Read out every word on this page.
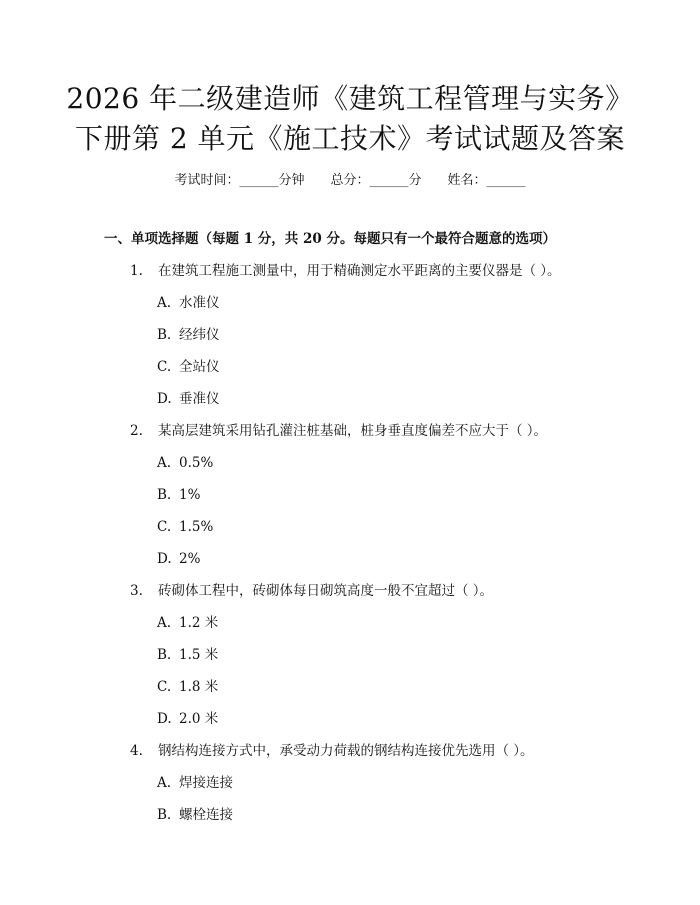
2026 年二级建造师《建筑工程管理与实务》
下册第 2 单元《施工技术》考试试题及答案
考试时间：______分钟 总分：______分 姓名：______
一、单项选择题（每题 1 分，共 20 分。每题只有一个最符合题意的选项）
1. 在建筑工程施工测量中，用于精确测定水平距离的主要仪器是（ ）。
A. 水准仪
B. 经纬仪
C. 全站仪
D. 垂准仪
2. 某高层建筑采用钻孔灌注桩基础，桩身垂直度偏差不应大于（ ）。
A. 0.5%
B. 1%
C. 1.5%
D. 2%
3. 砖砌体工程中，砖砌体每日砌筑高度一般不宜超过（ ）。
A. 1.2 米
B. 1.5 米
C. 1.8 米
D. 2.0 米
4. 钢结构连接方式中，承受动力荷载的钢结构连接优先选用（ ）。
A. 焊接连接
B. 螺栓连接
